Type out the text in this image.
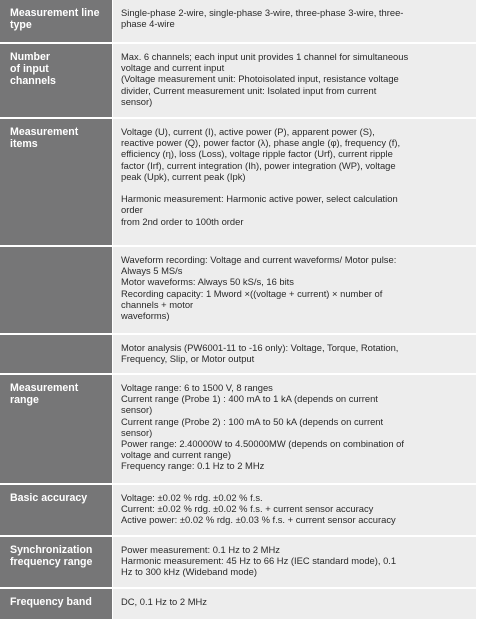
Measurement line
type
Single-phase 2-wire, single-phase 3-wire, three-phase 3-wire, three-
phase 4-wire
Number
of input
channels
Max. 6 channels; each input unit provides 1 channel for simultaneous
voltage and current input
(Voltage measurement unit: Photoisolated input, resistance voltage
divider, Current measurement unit: Isolated input from current
sensor)
Measurement
items
Voltage (U), current (I), active power (P), apparent power (S),
reactive power (Q), power factor (λ), phase angle (φ), frequency (f),
efficiency (η), loss (Loss), voltage ripple factor (Urf), current ripple
factor (Irf), current integration (Ih), power integration (WP), voltage
peak (Upk), current peak (Ipk)

Harmonic measurement: Harmonic active power, select calculation
order
from 2nd order to 100th order
Waveform recording: Voltage and current waveforms/ Motor pulse:
Always 5 MS/s
Motor waveforms: Always 50 kS/s, 16 bits
Recording capacity: 1 Mword ×((voltage + current) × number of
channels + motor
waveforms)
Motor analysis (PW6001-11 to -16 only): Voltage, Torque, Rotation,
Frequency, Slip, or Motor output
Measurement
range
Voltage range: 6 to 1500 V, 8 ranges
Current range (Probe 1) : 400 mA to 1 kA (depends on current
sensor)
Current range (Probe 2) : 100 mA to 50 kA (depends on current
sensor)
Power range: 2.40000W to 4.50000MW (depends on combination of
voltage and current range)
Frequency range: 0.1 Hz to 2 MHz
Basic accuracy	Voltage: ±0.02 % rdg. ±0.02 % f.s.
Current: ±0.02 % rdg. ±0.02 % f.s. + current sensor accuracy
Active power: ±0.02 % rdg. ±0.03 % f.s. + current sensor accuracy
Synchronization
frequency range
Power measurement: 0.1 Hz to 2 MHz
Harmonic measurement: 45 Hz to 66 Hz (IEC standard mode), 0.1
Hz to 300 kHz (Wideband mode)
Frequency band	DC, 0.1 Hz to 2 MHz
